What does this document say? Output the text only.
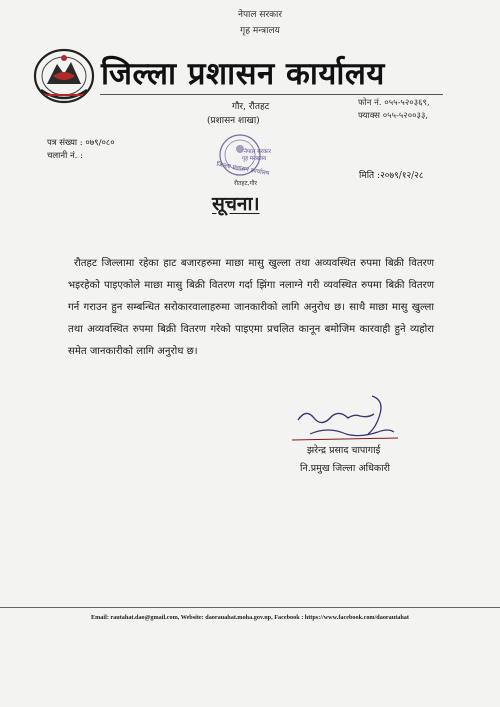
नेपाल सरकार
गृह मन्त्रालय
जिल्ला प्रशासन कार्यालय
गौर, रौतहट
(प्रशासन शाखा)
फोन नं. ०५५-५२०३६९,
फ्याक्स ०५५-५२००३३,
नेपाल सरकार
गृह मन्त्रालय
जिल्ला प्रशासन कार्यालय
रौतहट,गौर
पत्र संख्या : ०७९/०८०
चलानी नं. :
मिति :२०७९/१२/२८
सूचना।
रौतहट जिल्लामा रहेका हाट बजारहरुमा माछा मासु खुल्ला तथा अव्यवस्थित रुपमा बिक्री वितरण भइरहेको पाइएकोले माछा मासु बिक्री वितरण गर्दा झिंगा नलाग्ने गरी व्यवस्थित रुपमा बिक्री वितरण गर्न गराउन हुन सम्बन्धित सरोकारवालाहरुमा जानकारीको लागि अनुरोध छ। साथै माछा मासु खुल्ला तथा अव्यवस्थित रुपमा बिक्री वितरण गरेको पाइएमा प्रचलित कानून बमोजिम कारवाही हुने व्यहोरा समेत जानकारीको लागि अनुरोध छ।
झरेन्द्र प्रसाद चापागाई
नि.प्रमुख जिल्ला अधिकारी
Email: rautahat.dao@gmail.com, Website: daorauahat.moha.gov.np, Facebook : https://www.facebook.com/daorautahat
